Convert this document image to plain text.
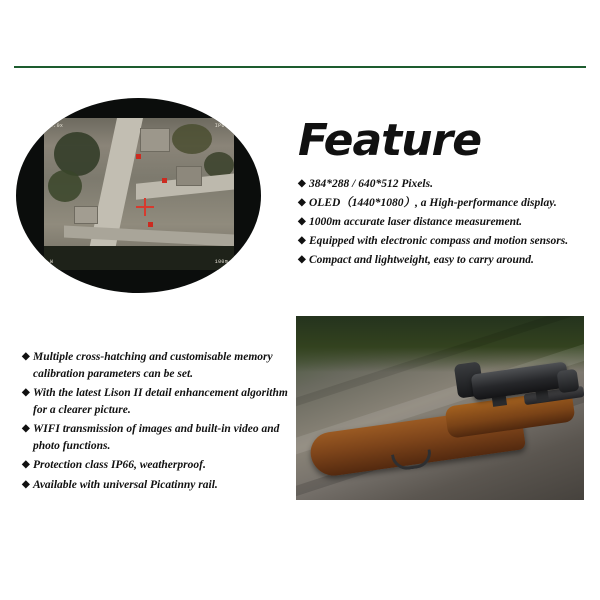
4.0x	IP66
W	100m
Feature
◆ 384*288 / 640*512 Pixels.
◆ OLED（1440*1080）, a High-performance display.
◆ 1000m accurate laser distance measurement.
◆ Equipped with electronic compass and motion sensors.
◆ Compact and lightweight, easy to carry around.
◆ Multiple cross-hatching and customisable memory calibration parameters can be set.
◆ With the latest Lison II detail enhancement algorithm for a clearer picture.
◆ WIFI transmission of images and built-in video and photo functions.
◆ Protection class IP66, weatherproof.
◆ Available with universal Picatinny rail.
